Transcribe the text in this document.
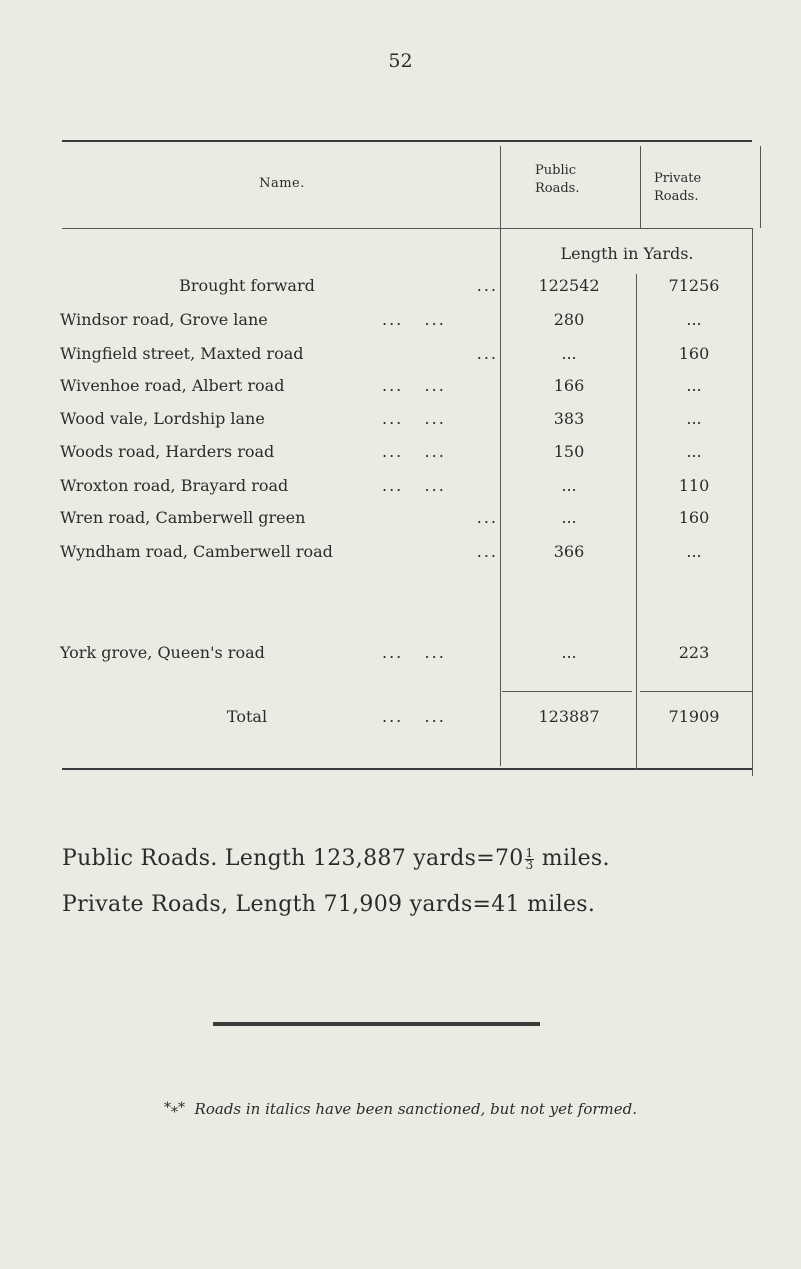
52
Name.
Public Roads.
Private Roads.
Length in Yards.
Brought forward	...	122542	71256
Windsor road, Grove lane	...   ...	280	...
Wingfield street, Maxted road	...	...	160
Wivenhoe road, Albert road	...   ...	166	...
Wood vale, Lordship lane	...   ...	383	...
Woods road, Harders road	...   ...	150	...
Wroxton road, Brayard road	...   ...	...	110
Wren road, Camberwell green	...	...	160
Wyndham road, Camberwell road	...	366	...
York grove, Queen's road	...   ...	...	223
Total	...   ...	123887	71909
Public Roads. Length 123,887 yards=70 $\frac{1}{3}$ miles.
Private Roads, Length 71,909 yards=41 miles.
*⁎* Roads in italics have been sanctioned, but not yet formed.
